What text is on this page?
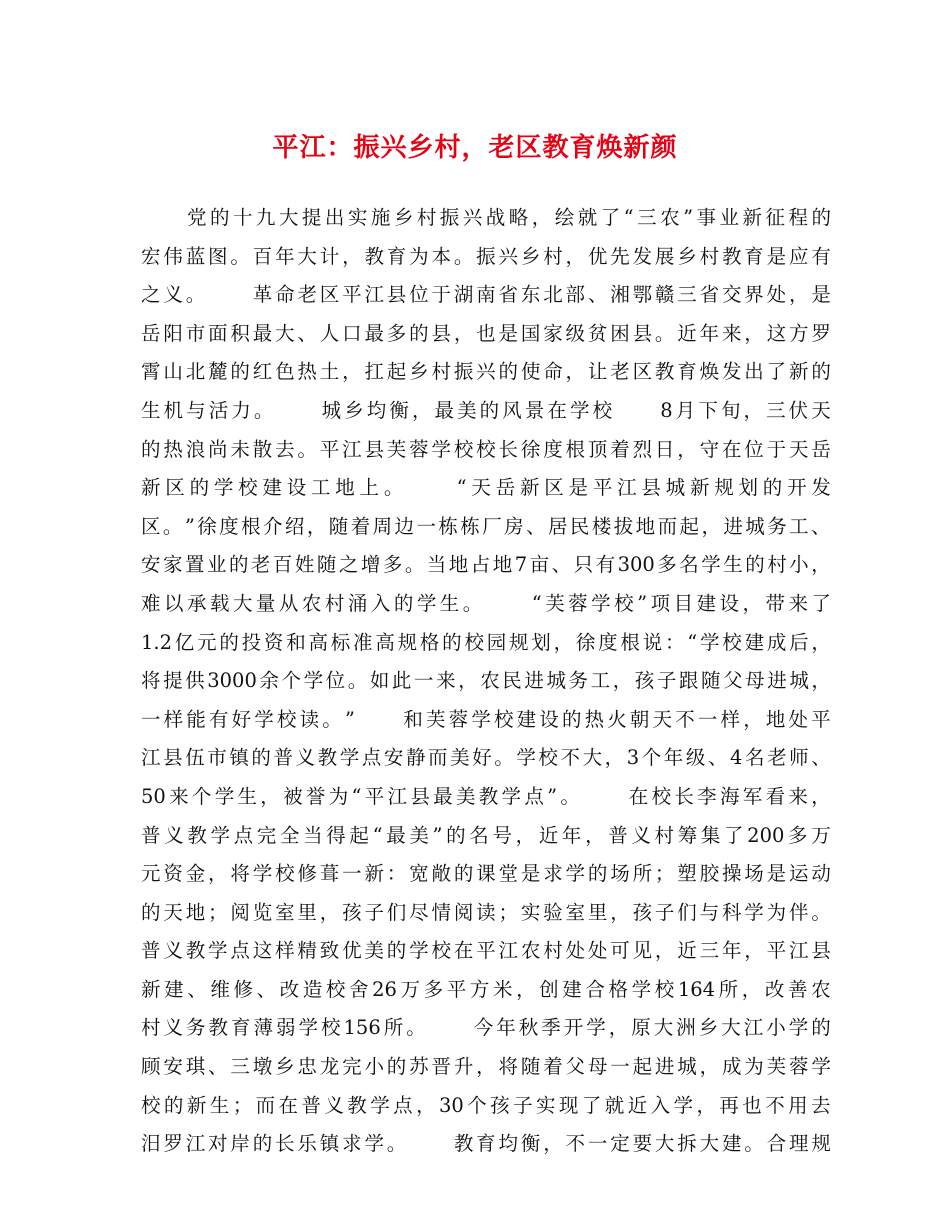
平江：振兴乡村，老区教育焕新颜

党 的 十 九 大 提 出 实 施 乡 村 振 兴 战 略 ， 绘 就 了 “ 三 农 ” 事 业 新 征 程 的
宏 伟 蓝 图 。 百 年 大 计 ， 教 育 为 本 。 振 兴 乡 村 ， 优 先 发 展 乡 村 教 育 是 应 有
之 义 。

　 革 命 老 区 平 江 县 位 于 湖 南 省 东 北 部 、 湘 鄂 赣 三 省 交 界 处 ， 是
岳 阳 市 面 积 最 大 、 人 口 最 多 的 县 ， 也 是 国 家 级 贫 困 县 。 近 年 来 ， 这 方 罗
霄 山 北 麓 的 红 色 热 土 ， 扛 起 乡 村 振 兴 的 使 命 ， 让 老 区 教 育 焕 发 出 了 新 的
生 机 与 活 力 。

　 城 乡 均 衡 ， 最 美 的 风 景 在 学 校

　 8 月 下 旬 ， 三 伏 天
的 热 浪 尚 未 散 去 。 平 江 县 芙 蓉 学 校 校 长 徐 度 根 顶 着 烈 日 ， 守 在 位 于 天 岳
新 区 的 学 校 建 设 工 地 上 。

　	“ 天 岳 新 区 是 平 江 县 城 新 规 划 的 开 发
区 。 ” 徐 度 根 介 绍 ， 随 着 周 边 一 栋 栋 厂 房 、 居 民 楼 拔 地 而 起 ， 进 城 务 工 、
安 家 置 业 的 老 百 姓 随 之 增 多 。 当 地 占 地 7 亩 、 只 有 300 多 名 学 生 的 村 小 ，
难 以 承 载 大 量 从 农 村 涌 入 的 学 生 。

　	“ 芙 蓉 学 校 ” 项 目 建 设 ， 带 来 了
1.2 亿 元 的 投 资 和 高 标 准 高 规 格 的 校 园 规 划 ， 徐 度 根 说 ： “ 学 校 建 成 后 ，
将 提 供 3000 余 个 学 位 。 如 此 一 来 ， 农 民 进 城 务 工 ， 孩 子 跟 随 父 母 进 城 ，
一 样 能 有 好 学 校 读 。 ”

　 和 芙 蓉 学 校 建 设 的 热 火 朝 天 不 一 样 ， 地 处 平
江 县 伍 市 镇 的 普 义 教 学 点 安 静 而 美 好 。 学 校 不 大 ， 3 个 年 级 、 4 名 老 师 、
50 来 个 学 生 ， 被 誉 为 “ 平 江 县 最 美 教 学 点 ” 。

　	在 校 长 李 海 军 看 来 ，
普 义 教 学 点 完 全 当 得 起 “ 最 美 ” 的 名 号 ， 近 年 ， 普 义 村 筹 集 了 200 多 万
元 资 金 ， 将 学 校 修 葺 一 新 ： 宽 敞 的 课 堂 是 求 学 的 场 所 ； 塑 胶 操 场 是 运 动
的 天 地 ； 阅 览 室 里 ， 孩 子 们 尽 情 阅 读 ； 实 验 室 里 ， 孩 子 们 与 科 学 为 伴 。
普 义 教 学 点 这 样 精 致 优 美 的 学 校 在 平 江 农 村 处 处 可 见 ， 近 三 年 ， 平 江 县
新 建 、 维 修 、 改 造 校 舍 26 万 多 平 方 米 ， 创 建 合 格 学 校 164 所 ， 改 善 农
村 义 务 教 育 薄 弱 学 校 156 所 。

　 今 年 秋 季 开 学 ， 原 大 洲 乡 大 江 小 学 的
顾 安 琪 、 三 墩 乡 忠 龙 完 小 的 苏 晋 升 ， 将 随 着 父 母 一 起 进 城 ， 成 为 芙 蓉 学
校 的 新 生 ； 而 在 普 义 教 学 点 ， 30 个 孩 子 实 现 了 就 近 入 学 ， 再 也 不 用 去
汨 罗 江 对 岸 的 长 乐 镇 求 学 。

　 教 育 均 衡 ， 不 一 定 要 大 拆 大 建 。 合 理 规
